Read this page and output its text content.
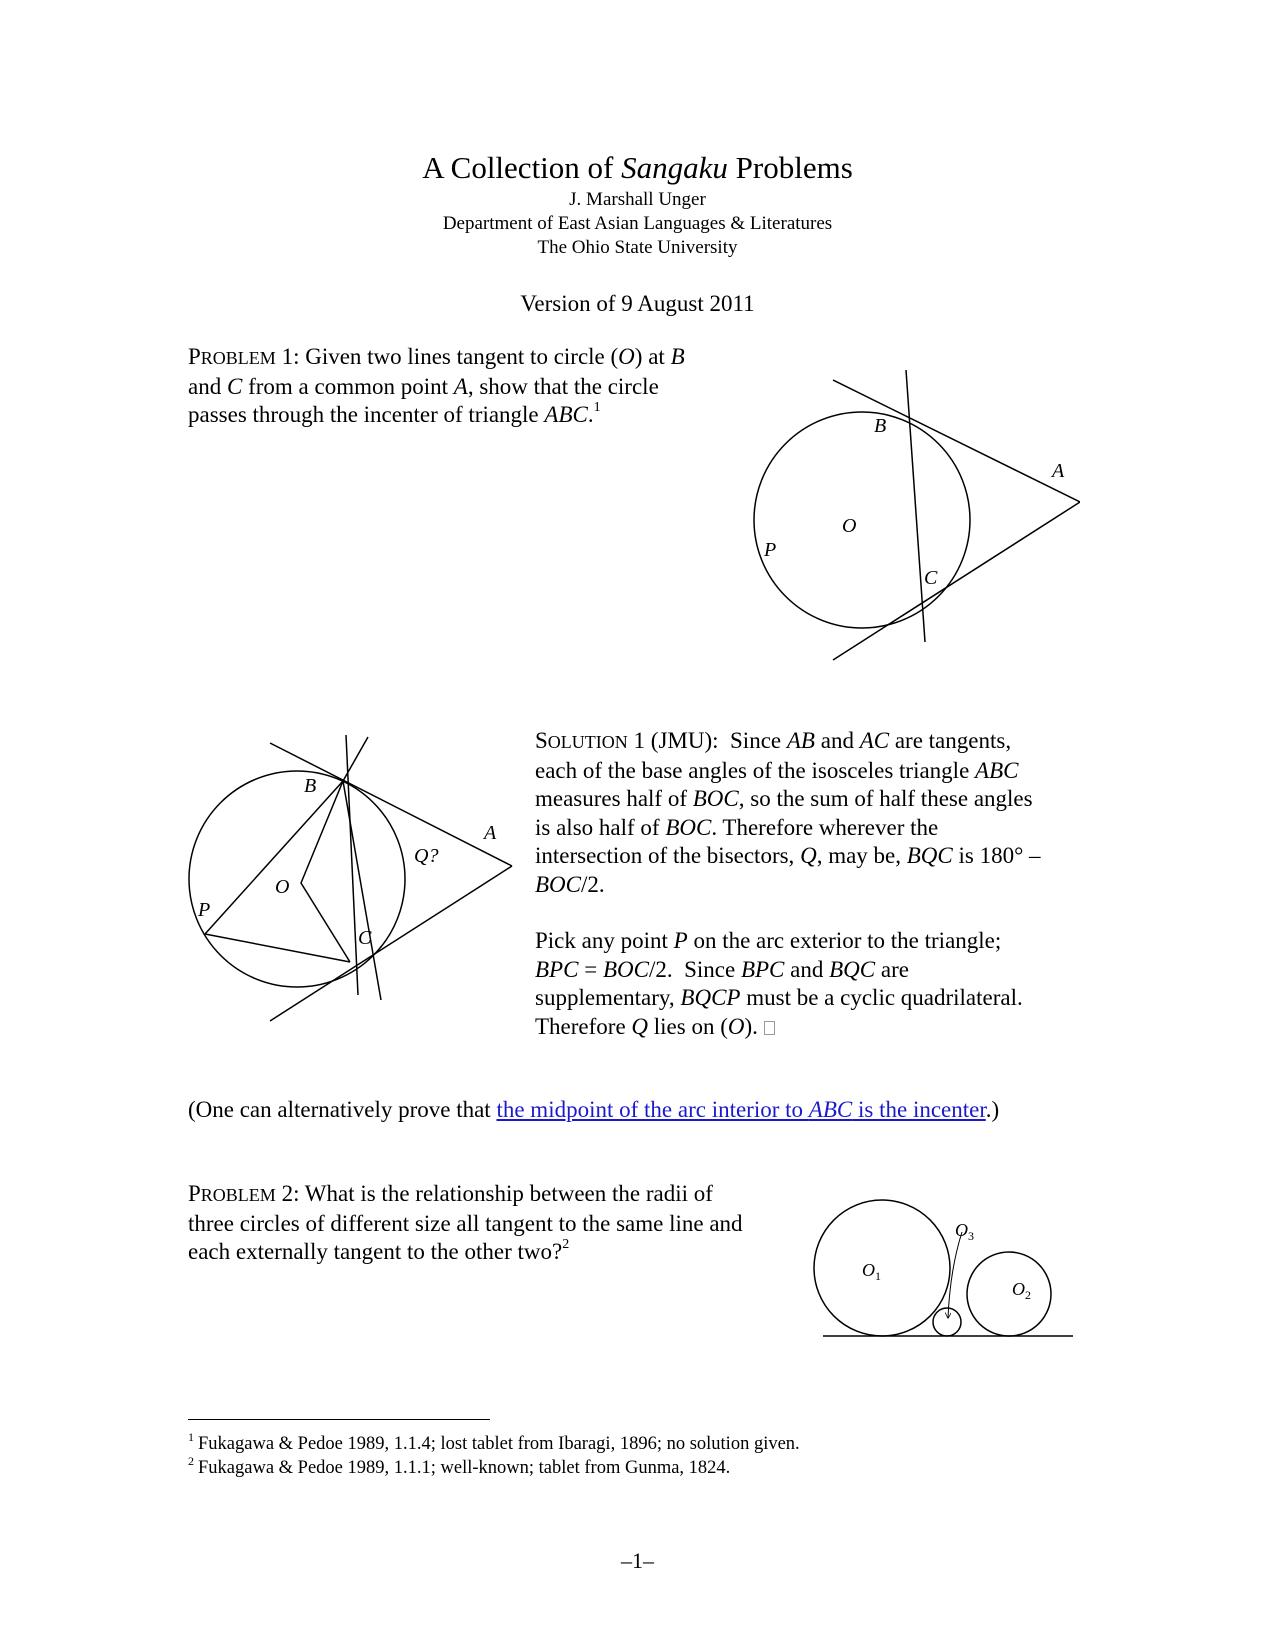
A Collection of Sangaku Problems
J. Marshall Unger
Department of East Asian Languages & Literatures
The Ohio State University
Version of 9 August 2011
PROBLEM 1: Given two lines tangent to circle (O) at B
and C from a common point A, show that the circle
passes through the incenter of triangle ABC.$^1$
B
A
O
P
C
B
A
Q?
O
P
C
SOLUTION 1 (JMU):  Since AB and AC are tangents,
each of the base angles of the isosceles triangle ABC
measures half of BOC, so the sum of half these angles
is also half of BOC. Therefore wherever the
intersection of the bisectors, Q, may be, BQC is 180° –
BOC/2.
Pick any point P on the arc exterior to the triangle;
BPC = BOC/2.  Since BPC and BQC are
supplementary, BQCP must be a cyclic quadrilateral.
Therefore Q lies on (O).
(One can alternatively prove that the midpoint of the arc interior to ABC is the incenter.)
PROBLEM 2: What is the relationship between the radii of
three circles of different size all tangent to the same line and
each externally tangent to the other two?$^2$
$O_1$
$O_2$
$O_3$
$^1$ Fukagawa & Pedoe 1989, 1.1.4; lost tablet from Ibaragi, 1896; no solution given.
$^2$ Fukagawa & Pedoe 1989, 1.1.1; well-known; tablet from Gunma, 1824.
–1–
